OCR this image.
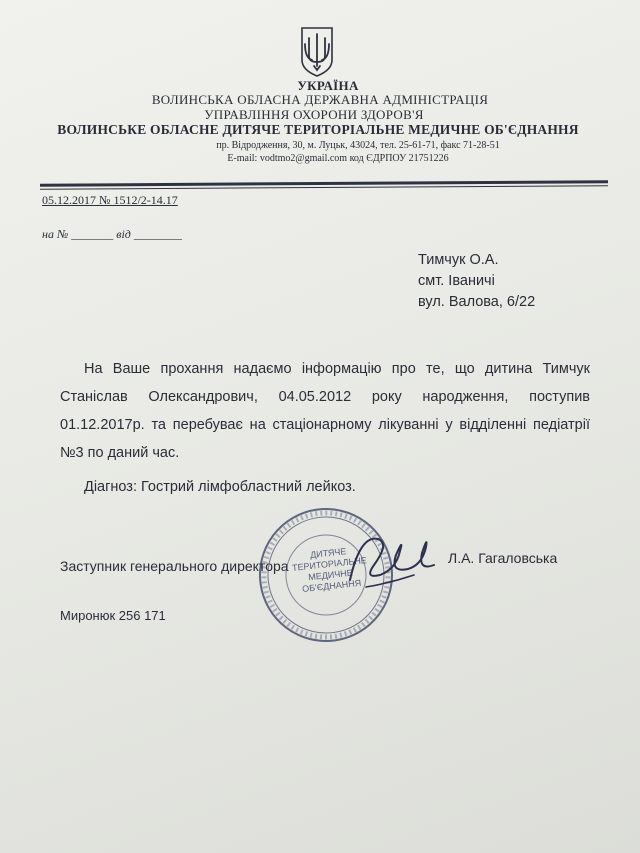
УКРАЇНА
ВОЛИНСЬКА ОБЛАСНА ДЕРЖАВНА АДМІНІСТРАЦІЯ
УПРАВЛІННЯ ОХОРОНИ ЗДОРОВ'Я
ВОЛИНСЬКЕ ОБЛАСНЕ ДИТЯЧЕ ТЕРИТОРІАЛЬНЕ МЕДИЧНЕ ОБ'ЄДНАННЯ
пр. Відродження, 30, м. Луцьк, 43024, тел. 25-61-71, факс 71-28-51
E-mail: vodtmo2@gmail.com код ЄДРПОУ 21751226
05.12.2017 № 1512/2-14.17
на № _______ від ________
Тимчук О.А.
смт. Іваничі
вул. Валова, 6/22

На Ваше прохання надаємо інформацію про те, що дитина Тимчук Станіслав Олександрович, 04.05.2012 року народження, поступив 01.12.2017р. та перебуває на стаціонарному лікуванні у відділенні педіатрії №3 по даний час.

Діагноз: Гострий лімфобластний лейкоз.

ДИТЯЧЕ ТЕРИТОРІАЛЬНЕ МЕДИЧНЕ ОБ'ЄДНАННЯ
Заступник генерального директора	Л.А. Гагаловська
Миронюк 256 171
